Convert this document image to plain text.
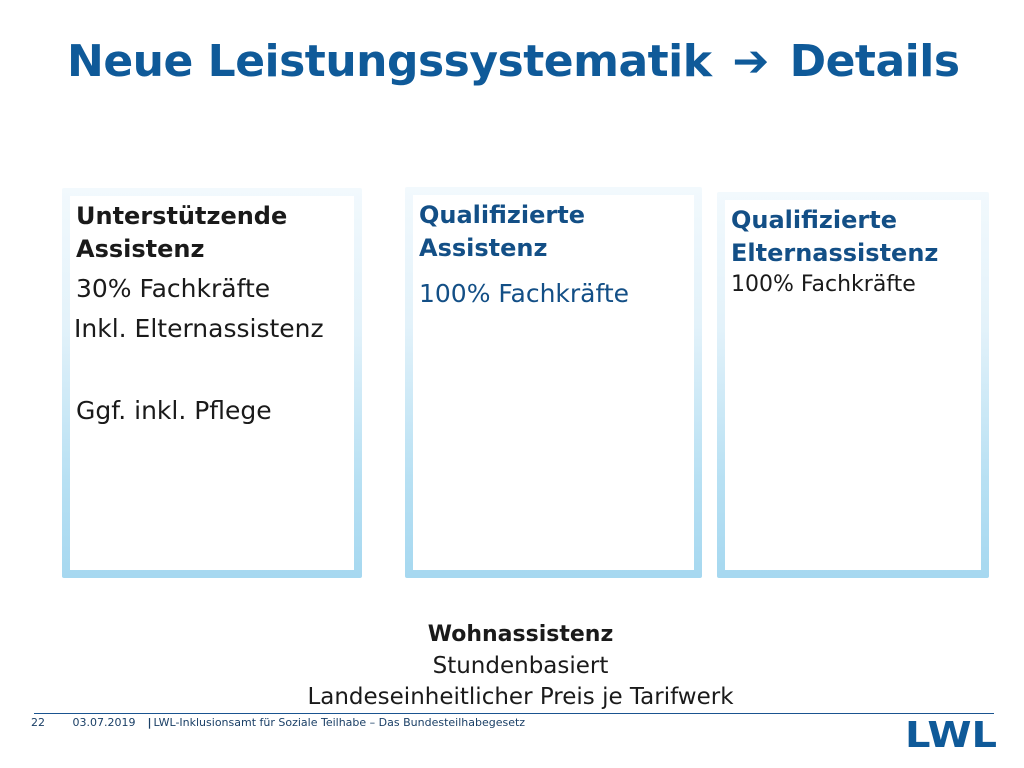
Neue Leistungssystematik ➔ Details
Unterstützende
Assistenz
30% Fachkräfte
Inkl. Elternassistenz
Ggf. inkl. Pflege
Qualifizierte
Assistenz
100% Fachkräfte
Qualifizierte
Elternassistenz
100% Fachkräfte
Wohnassistenz
Stundenbasiert
Landeseinheitlicher Preis je Tarifwerk
22	03.07.2019 | LWL-Inklusionsamt für Soziale Teilhabe – Das Bundesteilhabegesetz	LWL
